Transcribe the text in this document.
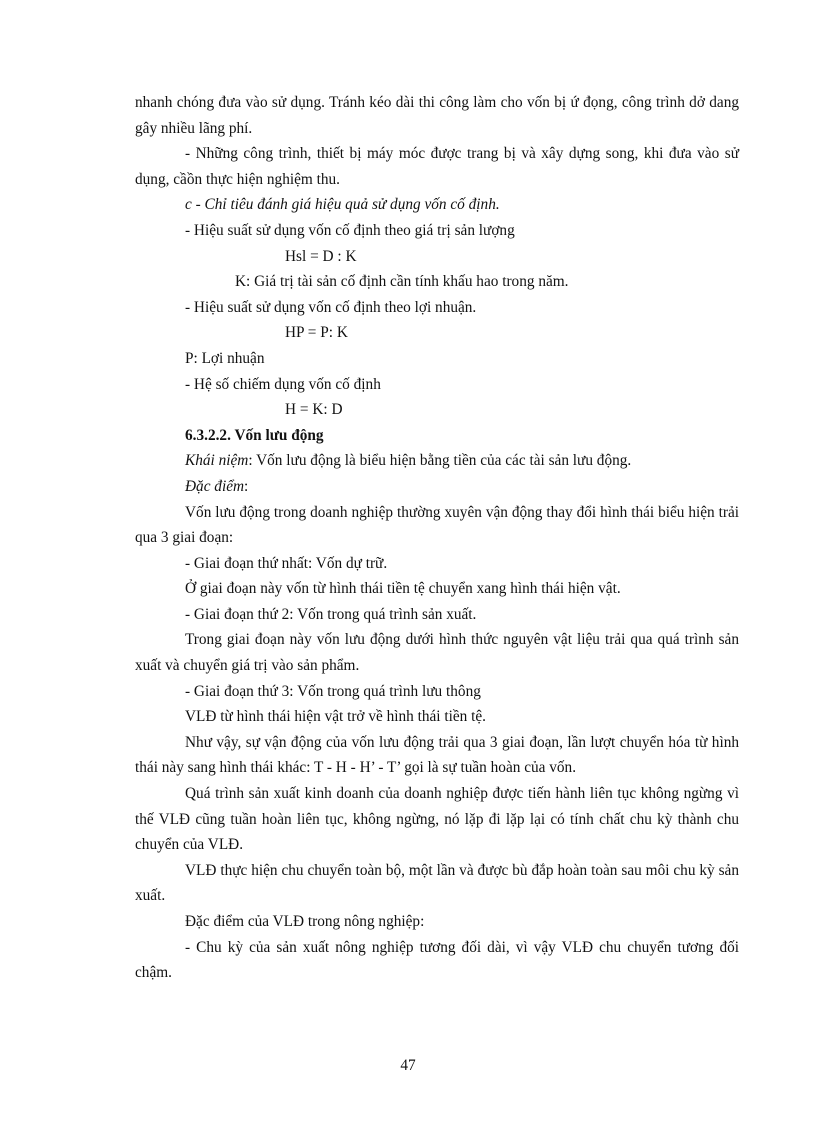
nhanh chóng đưa vào sử dụng. Tránh kéo dài thi công làm cho vốn bị ứ đọng, công trình dở dang gây nhiều lãng phí.

- Những công trình, thiết bị máy móc được trang bị và xây dựng song, khi đưa vào sử dụng, cầồn thực hiện nghiệm thu.

c - Chỉ tiêu đánh giá hiệu quả sử dụng vốn cố định.

- Hiệu suất sử dụng vốn cố định theo giá trị sản lượng

Hsl = D : K

K: Giá trị tài sản cố định cần tính khấu hao trong năm.

- Hiệu suất sử dụng vốn cố định theo lợi nhuận.

HP = P: K

P: Lợi nhuận

- Hệ số chiếm dụng vốn cố định

H = K: D

6.3.2.2. Vốn lưu động

Khái niệm: Vốn lưu động là biểu hiện bằng tiền của các tài sản lưu động.

Đặc điểm:

Vốn lưu động trong doanh nghiệp thường xuyên vận động thay đổi hình thái biểu hiện trải qua 3 giai đoạn:

- Giai đoạn thứ nhất: Vốn dự trữ.

Ở giai đoạn này vốn từ hình thái tiền tệ chuyển xang hình thái hiện vật.

- Giai đoạn thứ 2: Vốn trong quá trình sản xuất.

Trong giai đoạn này vốn lưu động dưới hình thức nguyên vật liệu trải qua quá trình sản xuất và chuyển giá trị vào sản phẩm.

- Giai đoạn thứ 3: Vốn trong quá trình lưu thông

VLĐ từ hình thái hiện vật trở về hình thái tiền tệ.

Như vậy, sự vận động của vốn lưu động trải qua 3 giai đoạn, lần lượt chuyển hóa từ hình thái này sang hình thái khác: T - H - H’ - T’ gọi là sự tuần hoàn của vốn.

Quá trình sản xuất kinh doanh của doanh nghiệp được tiến hành liên tục không ngừng vì thế VLĐ cũng tuần hoàn liên tục, không ngừng, nó lặp đi lặp lại có tính chất chu kỳ thành chu chuyển của VLĐ.

VLĐ thực hiện chu chuyển toàn bộ, một lần và được bù đắp hoàn toàn sau môi chu kỳ sản xuất.

Đặc điểm của VLĐ trong nông nghiệp:

- Chu kỳ của sản xuất nông nghiệp tương đối dài, vì vậy VLĐ chu chuyển tương đối chậm.

47
